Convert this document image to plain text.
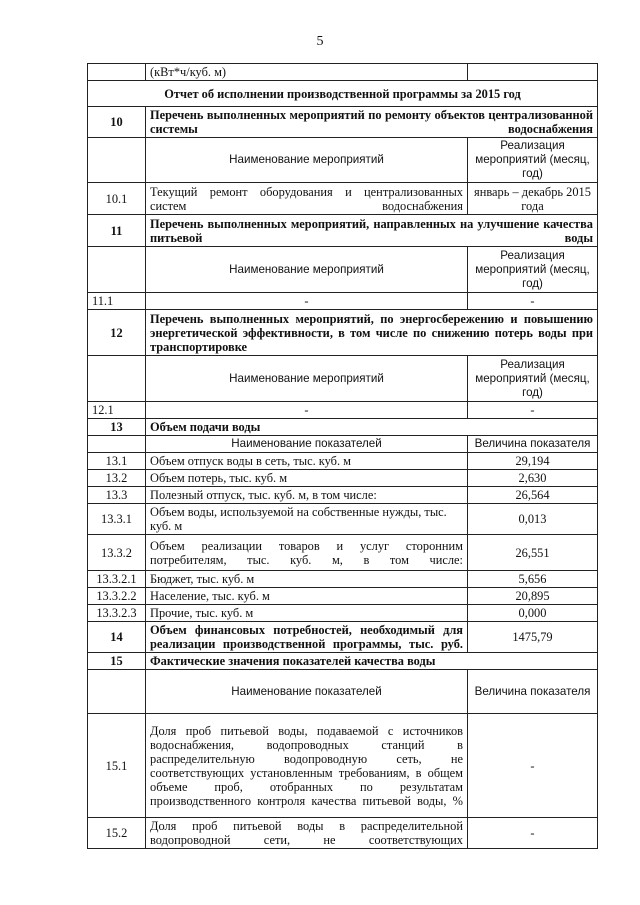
5
	(кВт*ч/куб. м)	
Отчет об исполнении производственной программы за 2015 год		
10	Перечень выполненных мероприятий по ремонту объектов централизованной системы водоснабжения	
	Наименование мероприятий	Реализация мероприятий (месяц, год)
10.1	Текущий ремонт оборудования и централизованных систем водоснабжения	январь – декабрь 2015 года
11	Перечень выполненных мероприятий, направленных на улучшение качества питьевой воды	
	Наименование мероприятий	Реализация мероприятий (месяц, год)
11.1	-	-
12	Перечень выполненных мероприятий, по энергосбережению и повышению энергетической эффективности, в том числе по снижению потерь воды при транспортировке	
	Наименование мероприятий	Реализация мероприятий (месяц, год)
12.1	-	-
13	Объем подачи воды	
	Наименование показателей	Величина показателя
13.1	Объем отпуск воды в сеть, тыс. куб. м	29,194
13.2	Объем потерь, тыс. куб. м	2,630
13.3	Полезный отпуск, тыс. куб. м, в том числе:	26,564
13.3.1	Объем воды, используемой на собственные нужды, тыс. куб. м	0,013
13.3.2	Объем реализации товаров и услуг сторонним потребителям, тыс. куб. м, в том числе:	26,551
13.3.2.1	Бюджет, тыс. куб. м	5,656
13.3.2.2	Население, тыс. куб. м	20,895
13.3.2.3	Прочие, тыс. куб. м	0,000
14	Объем финансовых потребностей, необходимый для реализации производственной программы, тыс. руб.	1475,79
15	Фактические значения показателей качества воды	
	Наименование показателей	Величина показателя
15.1	Доля проб питьевой воды, подаваемой с источников водоснабжения, водопроводных станций в распределительную водопроводную сеть, не соответствующих установленным требованиям, в общем объеме проб, отобранных по результатам производственного контроля качества питьевой воды, %	-
15.2	Доля проб питьевой воды в распределительной водопроводной сети, не соответствующих	-
